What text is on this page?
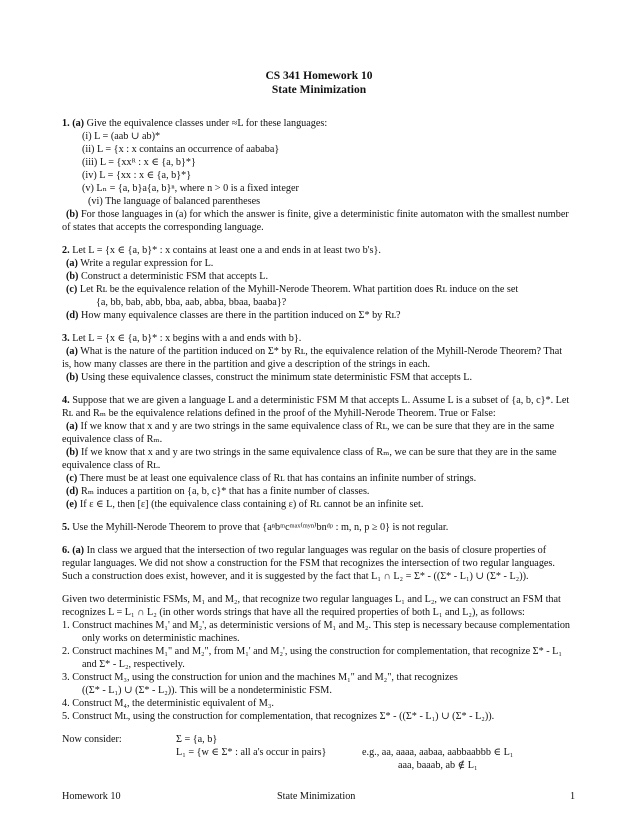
CS 341 Homework 10
State Minimization
1. (a) Give the equivalence classes under ≈L for these languages:
(i) L = (aab ∪ ab)*
(ii) L = {x : x contains an occurrence of aababa}
(iii) L = {xxᴿ : x ∈ {a, b}*}
(iv) L = {xx : x ∈ {a, b}*}
(v) Lₙ = {a, b}a{a, b}ⁿ, where n > 0 is a fixed integer
(vi) The language of balanced parentheses
(b) For those languages in (a) for which the answer is finite, give a deterministic finite automaton with the smallest number
of states that accepts the corresponding language.
2. Let L = {x ∈ {a, b}* : x contains at least one a and ends in at least two b's}.
(a) Write a regular expression for L.
(b) Construct a deterministic FSM that accepts L.
(c) Let Rʟ be the equivalence relation of the Myhill-Nerode Theorem. What partition does Rʟ induce on the set
{a, bb, bab, abb, bba, aab, abba, bbaa, baaba}?
(d) How many equivalence classes are there in the partition induced on Σ* by Rʟ?
3. Let L = {x ∈ {a, b}* : x begins with a and ends with b}.
(a) What is the nature of the partition induced on Σ* by Rʟ, the equivalence relation of the Myhill-Nerode Theorem? That
is, how many classes are there in the partition and give a description of the strings in each.
(b) Using these equivalence classes, construct the minimum state deterministic FSM that accepts L.
4. Suppose that we are given a language L and a deterministic FSM M that accepts L. Assume L is a subset of {a, b, c}*. Let
Rʟ and Rₘ be the equivalence relations defined in the proof of the Myhill-Nerode Theorem. True or False:
(a) If we know that x and y are two strings in the same equivalence class of Rʟ, we can be sure that they are in the same
equivalence class of Rₘ.
(b) If we know that x and y are two strings in the same equivalence class of Rₘ, we can be sure that they are in the same
equivalence class of Rʟ.
(c) There must be at least one equivalence class of Rʟ that has contains an infinite number of strings.
(d) Rₘ induces a partition on {a, b, c}* that has a finite number of classes.
(e) If ε ∈ L, then [ε] (the equivalence class containing ε) of Rʟ cannot be an infinite set.
5. Use the Myhill-Nerode Theorem to prove that {aⁿbᵐcᵐᵃˣ⁽ᵐʸⁿ⁾bnᵈᵖ : m, n, p ≥ 0} is not regular.
6. (a) In class we argued that the intersection of two regular languages was regular on the basis of closure properties of
regular languages. We did not show a construction for the FSM that recognizes the intersection of two regular languages.
Such a construction does exist, however, and it is suggested by the fact that L₁ ∩ L₂ = Σ* - ((Σ* - L₁) ∪ (Σ* - L₂)).
Given two deterministic FSMs, M₁ and M₂, that recognize two regular languages L₁ and L₂, we can construct an FSM that
recognizes L = L₁ ∩ L₂ (in other words strings that have all the required properties of both L₁ and L₂), as follows:
1. Construct machines M₁' and M₂', as deterministic versions of M₁ and M₂. This step is necessary because complementation
only works on deterministic machines.
2. Construct machines M₁" and M₂", from M₁' and M₂', using the construction for complementation, that recognize Σ* - L₁
and Σ* - L₂, respectively.
3. Construct M₃, using the construction for union and the machines M₁" and M₂", that recognizes
((Σ* - L₁) ∪ (Σ* - L₂)). This will be a nondeterministic FSM.
4. Construct M₄, the deterministic equivalent of M₃.
5. Construct Mʟ, using the construction for complementation, that recognizes Σ* - ((Σ* - L₁) ∪ (Σ* - L₂)).
Now consider:	Σ = {a, b}
L₁ = {w ∈ Σ* : all a's occur in pairs}	e.g., aa, aaaa, aabaa, aabbaabbb ∈ L₁
aaa, baaab, ab ∉ L₁
Homework 10	State Minimization	1
